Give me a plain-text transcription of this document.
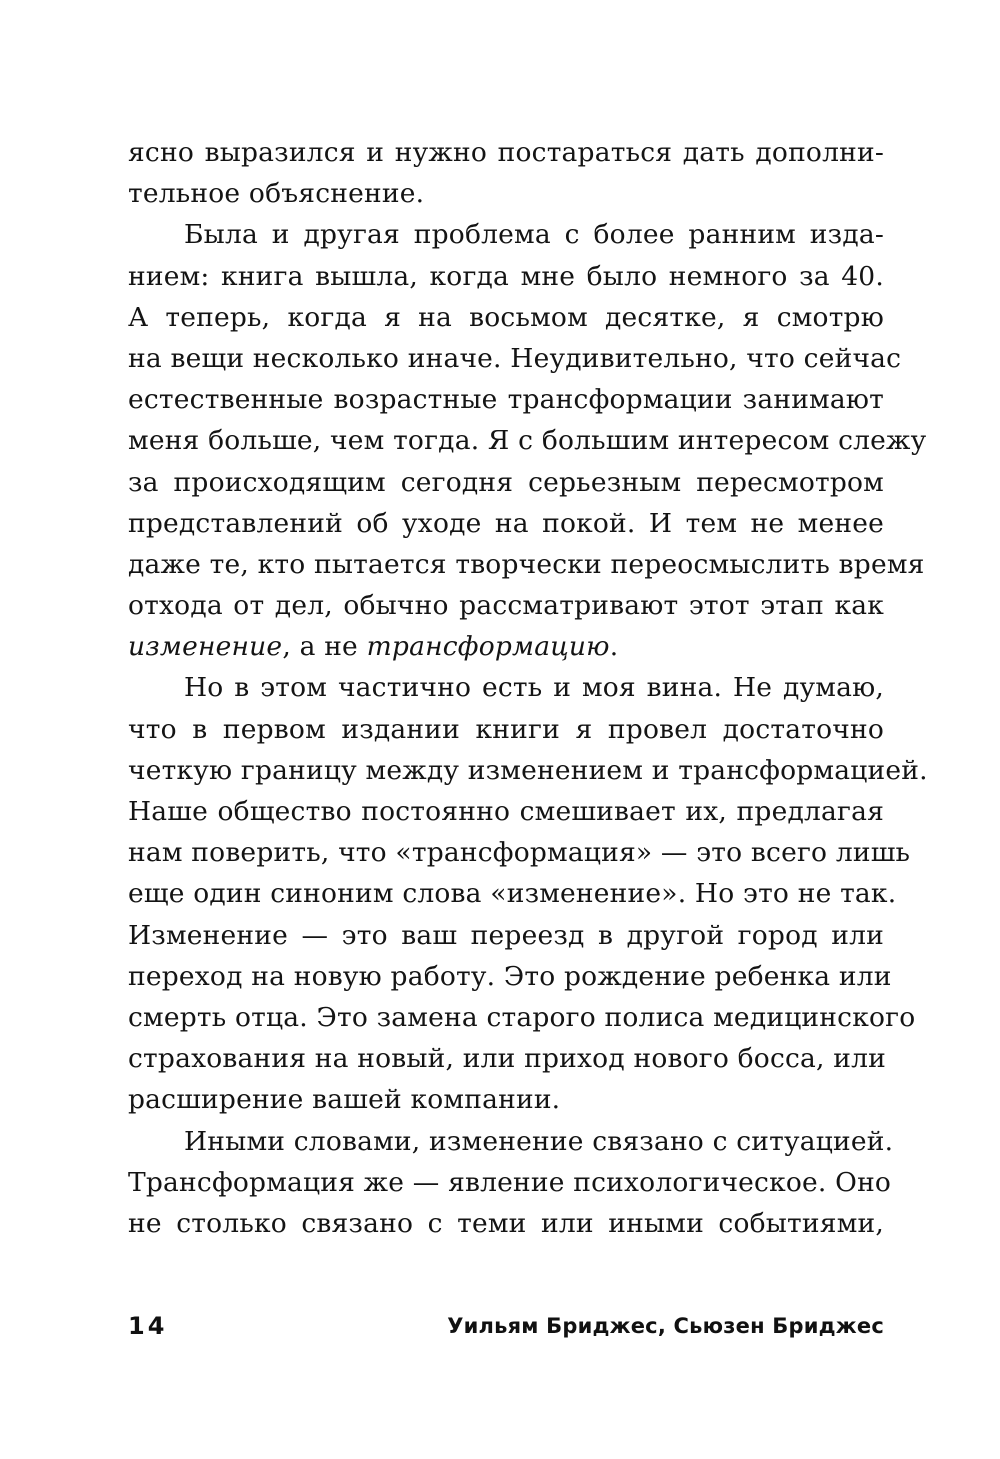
ясно выразился и нужно постараться дать дополни-
тельное объяснение.
Была и другая проблема с более ранним изда-
нием: книга вышла, когда мне было немного за 40.
А теперь, когда я на восьмом десятке, я смотрю
на вещи несколько иначе. Неудивительно, что сейчас
естественные возрастные трансформации занимают
меня больше, чем тогда. Я с большим интересом слежу
за происходящим сегодня серьезным пересмотром
представлений об уходе на покой. И тем не менее
даже те, кто пытается творчески переосмыслить время
отхода от дел, обычно рассматривают этот этап как
изменение, а не трансформацию.
Но в этом частично есть и моя вина. Не думаю,
что в первом издании книги я провел достаточно
четкую границу между изменением и трансформацией.
Наше общество постоянно смешивает их, предлагая
нам поверить, что «трансформация» — это всего лишь
еще один синоним слова «изменение». Но это не так.
Изменение — это ваш переезд в другой город или
переход на новую работу. Это рождение ребенка или
смерть отца. Это замена старого полиса медицинского
страхования на новый, или приход нового босса, или
расширение вашей компании.
Иными словами, изменение связано с ситуацией.
Трансформация же — явление психологическое. Оно
не столько связано с теми или иными событиями,
14	Уильям Бриджес, Сьюзен Бриджес
